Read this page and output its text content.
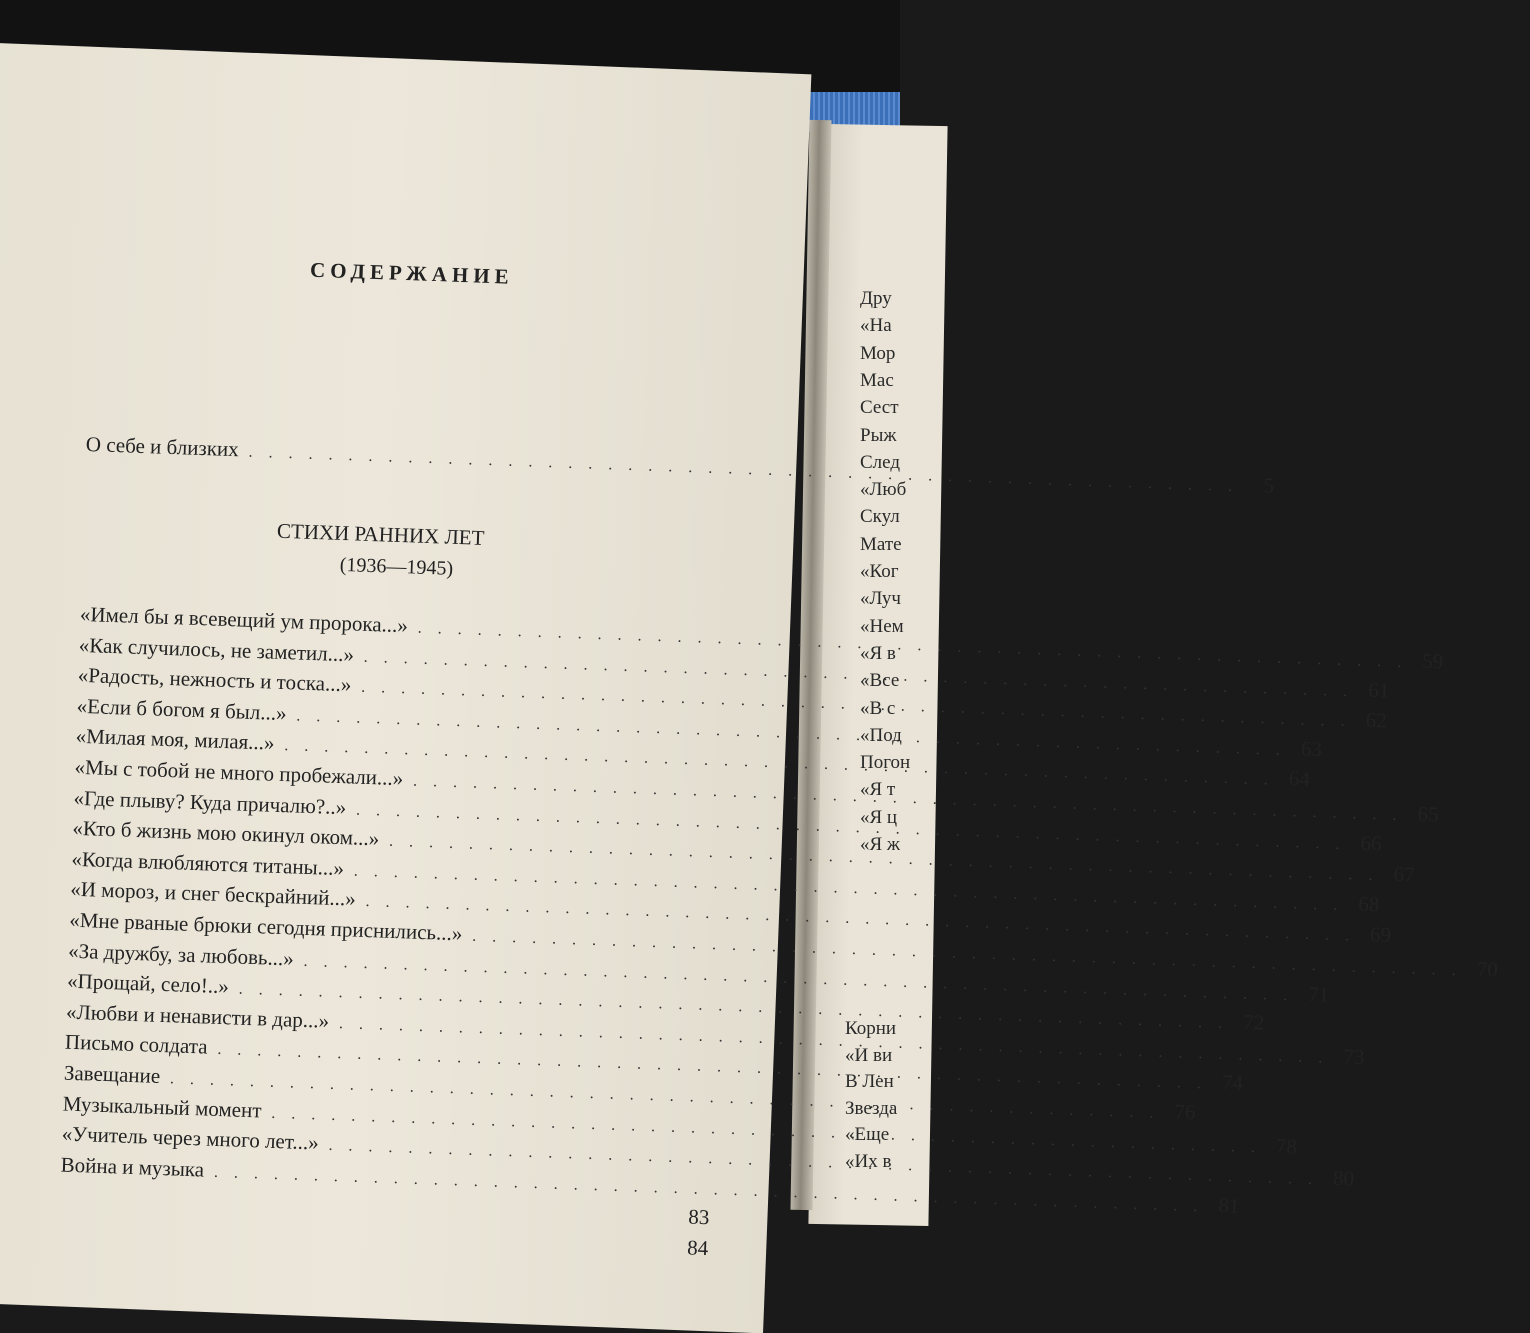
СОДЕРЖАНИЕ
О себе и близких
. . .
5
СТИХИ РАННИХ ЛЕТ
(1936—1945)
«Имел бы я всевещий ум пророка...»
. . .
59
«Как случилось, не заметил...»
. . .
61
«Радость, нежность и тоска...»
. . .
62
«Если б богом я был...»
. . .
63
«Милая моя, милая...»
. . .
64
«Мы с тобой не много пробежали...»
. . .
65
«Где плыву? Куда причалю?..»
. . .
66
«Кто б жизнь мою окинул оком...»
. . .
67
«Когда влюбляются титаны...»
. . .
68
«И мороз, и снег бескрайний...»
. . .
69
«Мне рваные брюки сегодня приснились...»
. . .
70
«За дружбу, за любовь...»
. . .
71
«Прощай, село!..»
. . .
72
«Любви и ненависти в дар...»
. . .
73
Письмо солдата
. . .
74
Завещание
. . .
76
Музыкальный момент
. . .
78
«Учитель через много лет...»
. . .
80
Война и музыка
. . .
81
83
84
Дру
«На
Мор
Мас
Сест
Рыж
След
«Люб
Скул
Мате
«Ког
«Луч
«Нем
«Я в
«Все
«В с
«Под
Погон
«Я т
«Я ц
«Я ж
Корни
«И ви
В Лен
Звезда
«Еще
«Их в
